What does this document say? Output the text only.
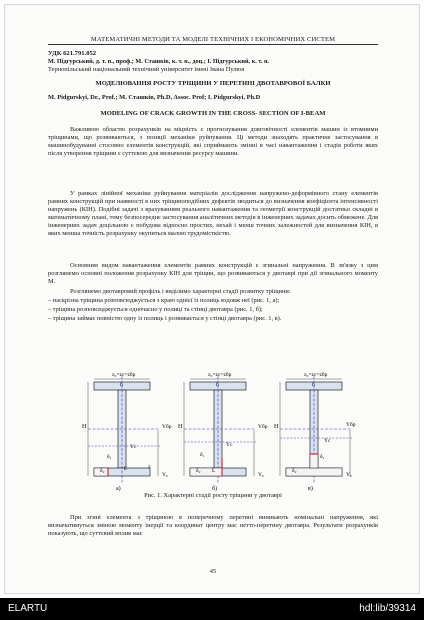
МАТЕМАТИЧНІ МЕТОДИ ТА МОДЕЛІ ТЕХНІЧНИХ І ЕКОНОМІЧНИХ СИСТЕМ
УДК 621.791.052
М. Підгурський, д. т. н., проф.; М. Сташків, к. т. н., доц.; І. Підгурський, к. т. н.
Тернопільський національний технічний університет імені Івана Пулюя
МОДЕЛЮВАННЯ РОСТУ ТРІЩИНИ У ПЕРЕТИНІ ДВОТАВРОВОЇ БАЛКИ
M. Pidgurskyi, Dr., Prof.; M. Сташків, Ph.D, Assoc. Prof; I. Pidgurskyi, Ph.D
MODELING OF CRACK GROWTH IN THE CROSS- SECTION OF I-BEAM
Важливою областю розрахунків на міцність є прогнозування довговічності елементів машин із втомними тріщинами, що розвиваються, з позиції механіки руйнування. Ці методи знаходять практичне застосування в машинобудуванні стосовно елементів конструкцій, які сприймають змінні в часі навантаження і стадія роботи яких після утворення тріщини є суттєвою для визначення ресурсу машини.
У рамках лінійної механіки руйнування матеріалів дослідження напружено-деформівного стану елементів рамних конструкцій при наявності в них тріщиноподібних дефектів зводиться до визначення коефіцієнта інтенсивності напружень (КІН). Подібні задачі з врахуванням реального навантаження та геометрії конструкцій достатньо складні в математичному плані, тому безпосереднє застосування аналітичних методів в інженерних задачах досить обмежене. Для інженерних задач доцільною є побудова відносно простих, нехай і менш точних залежностей для визначення КІН, в яких менша точність розрахунку окупиться малою трудомісткістю.
Основним видом навантаження елементів рамних конструкцій є згинальні напруження. В зв'язку з цим розглянемо основні положення розрахунку КІН для тріщин, що розвиваються у двотаврі при дії згинального моменту М.
Розглянемо двотавровий профіль і виділимо характерні стадії розвитку тріщини:
– наскрізна тріщина розповсюджується з краю однієї із полиць вздовж неї (рис. 1, а);
– тріщина розповсюджується одночасно у полиці та стінці двотавра (рис. 1, б);
– тріщина займає повністю одну із полиць і розвивається у стінці двотавра (рис. 1, в).
z₀=zc=zбр
b
H	Yбр
Yc
δ₁
L	z
Y₀
δ₂
z₀=zc=zбр
b
H	Yбр
Yc
δ₁
L
Y₀
δ₂
z₀=zc=zбр
b
H	Yбр
Yc
δ₁
Y₀
δ₂
а)	б)	в)
Рис. 1. Характерні стадії росту тріщини у двотаврі
При згині елемента з тріщиною в поперечному перетині виникають номінальні напруження, які визначатимуться зміною моменту інерції та координат центру мас нетто-перетину двотавра. Результати розрахунків показують, що суттєвий вплив має
45
ELARTU	hdl:lib/39314
